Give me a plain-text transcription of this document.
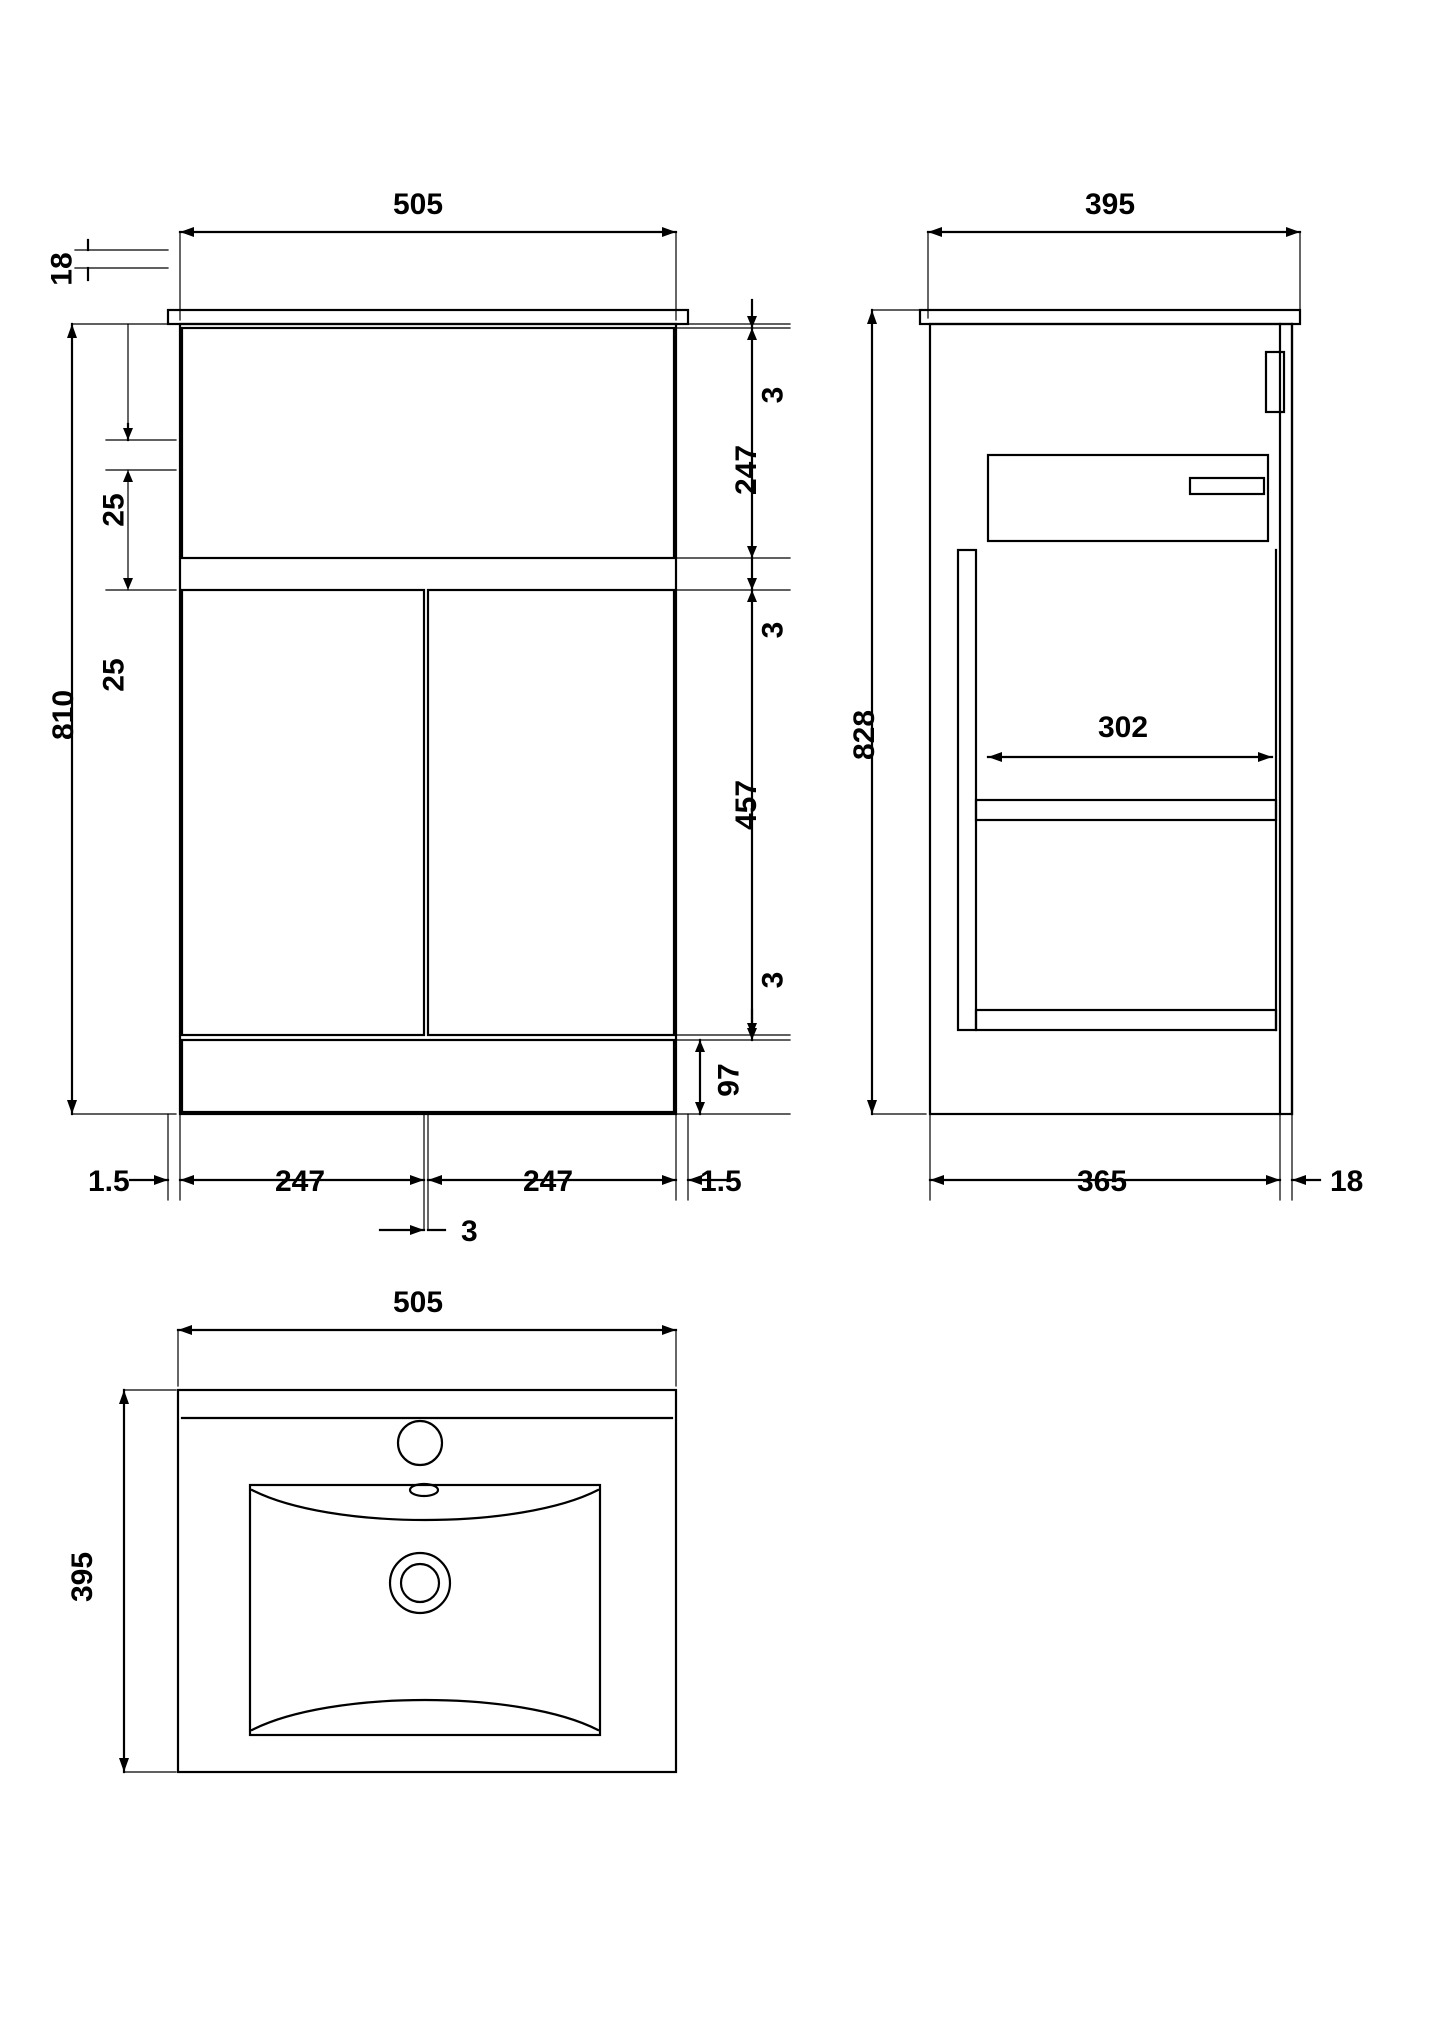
18
505
810
25
25
1.5	247	247	1.5
3
3
247
3
457
3
97
395
828	302
365	18
505
395
